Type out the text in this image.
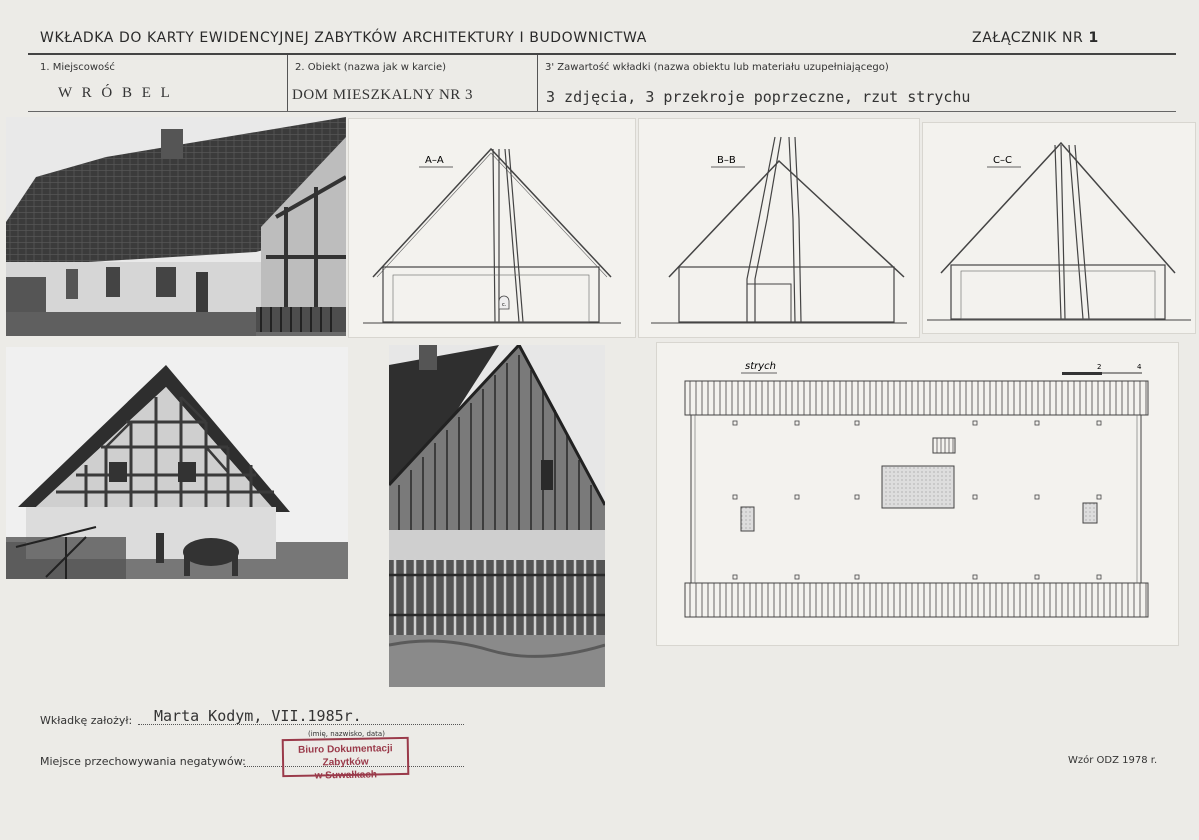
WKŁADKA DO KARTY EWIDENCYJNEJ ZABYTKÓW ARCHITEKTURY I BUDOWNICTWA	ZAŁĄCZNIK NR 1
1. Miejscowość	2. Obiekt (nazwa jak w karcie)	3' Zawartość wkładki (nazwa obiektu lub materiału uzupełniającego)
W R Ó B E L	DOM MIESZKALNY NR 3	3 zdjęcia, 3 przekroje poprzeczne, rzut strychu
A–A
c.
B–B	C–C
strych	2	4
Wkładkę założył: Marta Kodym, VII.1985r.
(imię, nazwisko, data)
Miejsce przechowywania negatywów:
Biuro Dokumentacji Zabytków
w Suwałkach
Wzór ODZ 1978 r.
